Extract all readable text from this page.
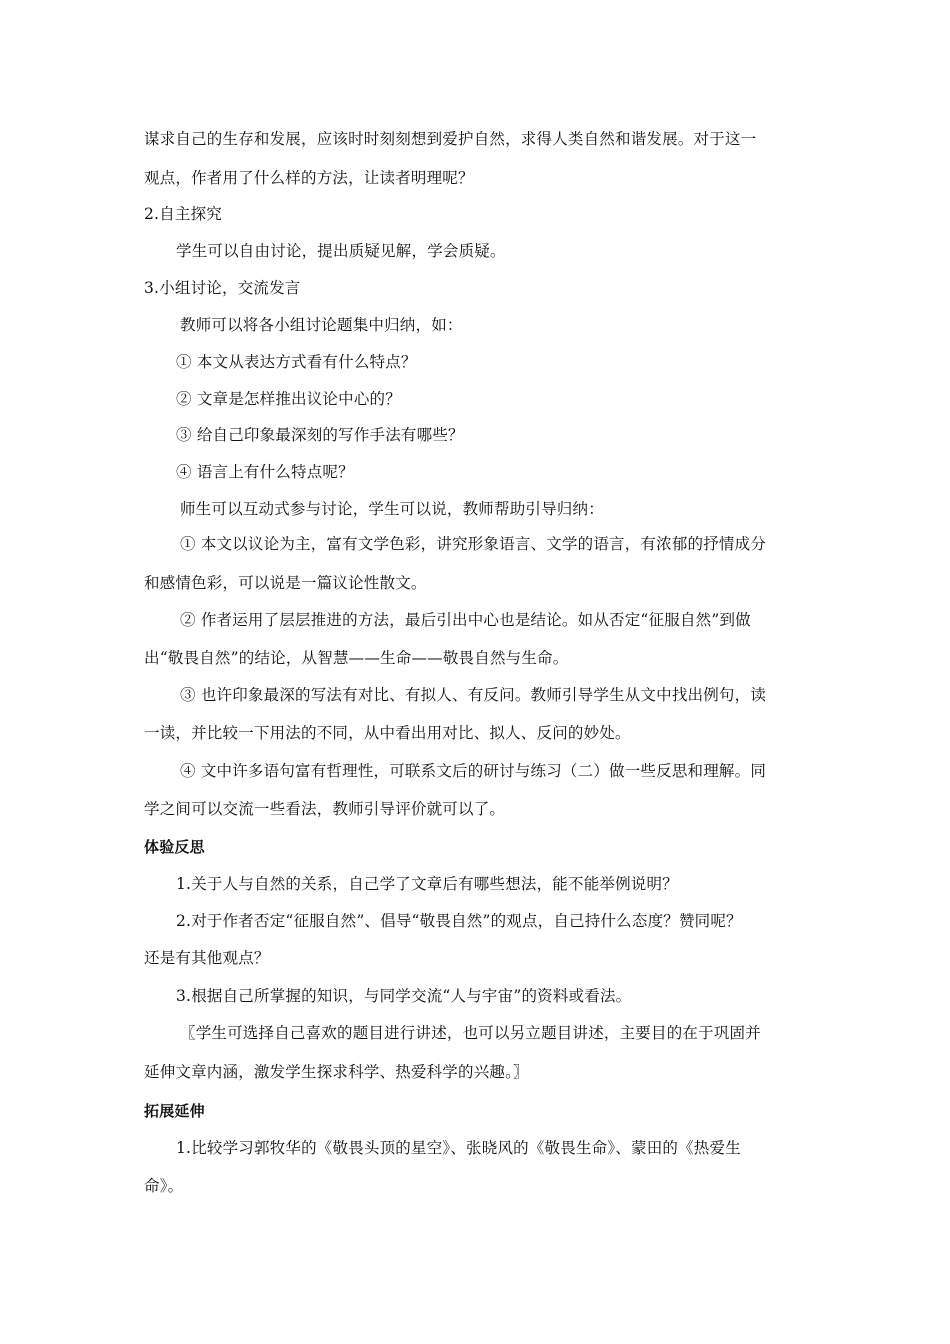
谋求自己的生存和发展，应该时时刻刻想到爱护自然，求得人类自然和谐发展。对于这一
观点，作者用了什么样的方法，让读者明理呢？
2.自主探究
学生可以自由讨论，提出质疑见解，学会质疑。
3.小组讨论，交流发言
教师可以将各小组讨论题集中归纳，如：
① 本文从表达方式看有什么特点？
② 文章是怎样推出议论中心的？
③ 给自己印象最深刻的写作手法有哪些？
④ 语言上有什么特点呢？
师生可以互动式参与讨论，学生可以说，教师帮助引导归纳：
① 本文以议论为主，富有文学色彩，讲究形象语言、文学的语言，有浓郁的抒情成分
和感情色彩，可以说是一篇议论性散文。
② 作者运用了层层推进的方法，最后引出中心也是结论。如从否定“征服自然”到做
出“敬畏自然”的结论，从智慧——生命——敬畏自然与生命。
③ 也许印象最深的写法有对比、有拟人、有反问。教师引导学生从文中找出例句，读
一读，并比较一下用法的不同，从中看出用对比、拟人、反问的妙处。
④ 文中许多语句富有哲理性，可联系文后的研讨与练习（二）做一些反思和理解。同
学之间可以交流一些看法，教师引导评价就可以了。
体验反思
1.关于人与自然的关系，自己学了文章后有哪些想法，能不能举例说明？
2.对于作者否定“征服自然”、倡导“敬畏自然”的观点，自己持什么态度？赞同呢？
还是有其他观点？
3.根据自己所掌握的知识，与同学交流“人与宇宙”的资料或看法。
〖学生可选择自己喜欢的题目进行讲述，也可以另立题目讲述，主要目的在于巩固并
延伸文章内涵，激发学生探求科学、热爱科学的兴趣。〗
拓展延伸
1.比较学习郭牧华的《敬畏头顶的星空》、张晓风的《敬畏生命》、蒙田的《热爱生
命》。
